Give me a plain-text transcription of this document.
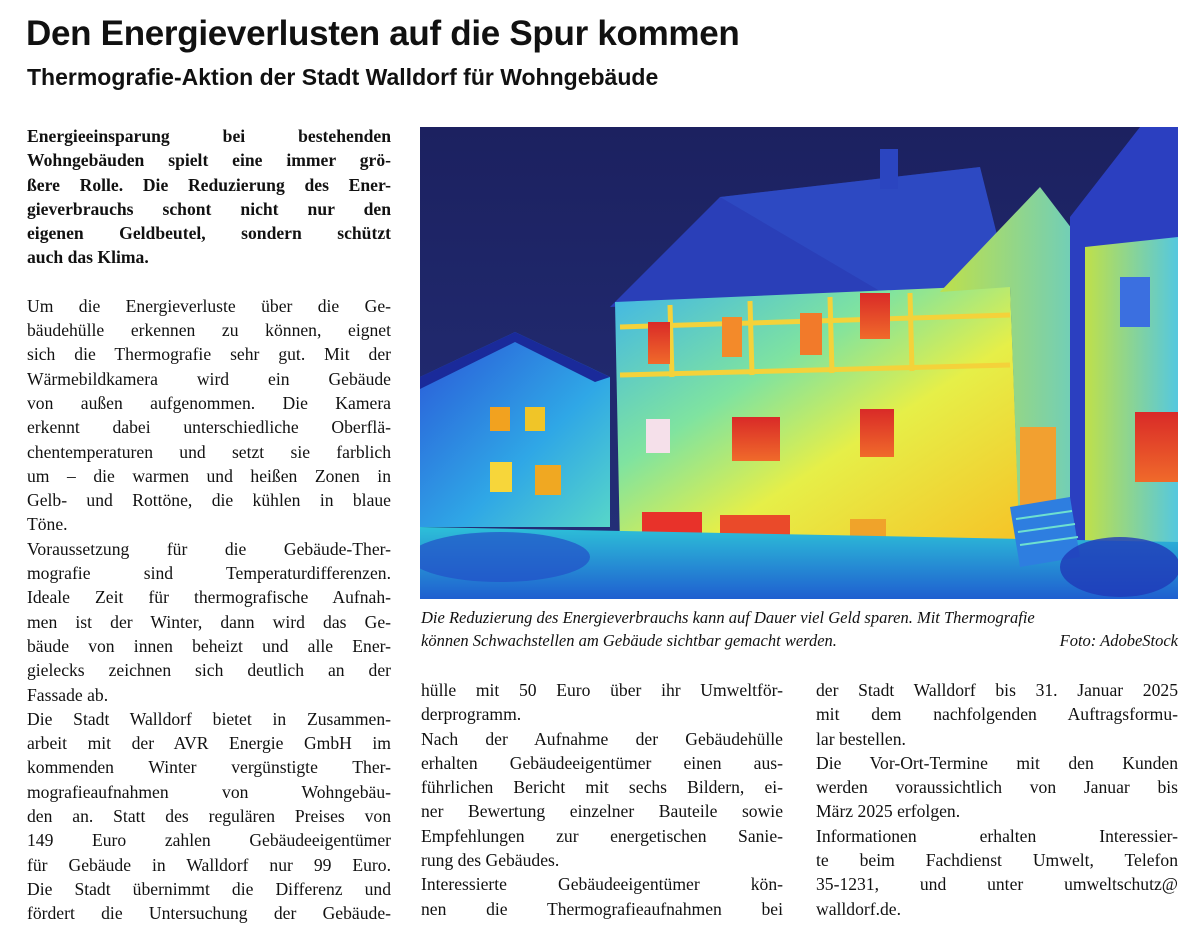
Den Energieverlusten auf die Spur kommen
Thermografie-Aktion der Stadt Walldorf für Wohngebäude

Energieeinsparung bei bestehenden
Wohngebäuden spielt eine immer grö-
ßere Rolle. Die Reduzierung des Ener-
gieverbrauchs schont nicht nur den
eigenen Geldbeutel, sondern schützt
auch das Klima.

Um die Energieverluste über die Ge-
bäudehülle erkennen zu können, eignet
sich die Thermografie sehr gut. Mit der
Wärmebildkamera wird ein Gebäude
von außen aufgenommen. Die Kamera
erkennt dabei unterschiedliche Oberflä-
chentemperaturen und setzt sie farblich
um – die warmen und heißen Zonen in
Gelb- und Rottöne, die kühlen in blaue
Töne.

Voraussetzung für die Gebäude-Ther-
mografie sind Temperaturdifferenzen.
Ideale Zeit für thermografische Aufnah-
men ist der Winter, dann wird das Ge-
bäude von innen beheizt und alle Ener-
gielecks zeichnen sich deutlich an der
Fassade ab.

Die Stadt Walldorf bietet in Zusammen-
arbeit mit der AVR Energie GmbH im
kommenden Winter vergünstigte Ther-
mografieaufnahmen von Wohngebäu-
den an. Statt des regulären Preises von
149 Euro zahlen Gebäudeeigentümer
für Gebäude in Walldorf nur 99 Euro.
Die Stadt übernimmt die Differenz und
fördert die Untersuchung der Gebäude-

Die Reduzierung des Energieverbrauchs kann auf Dauer viel Geld sparen. Mit Thermografie
können Schwachstellen am Gebäude sichtbar gemacht werden.	Foto: AdobeStock

hülle mit 50 Euro über ihr Umweltför-
derprogramm.

Nach der Aufnahme der Gebäudehülle
erhalten Gebäudeeigentümer einen aus-
führlichen Bericht mit sechs Bildern, ei-
ner Bewertung einzelner Bauteile sowie
Empfehlungen zur energetischen Sanie-
rung des Gebäudes.

Interessierte Gebäudeeigentümer kön-
nen die Thermografieaufnahmen bei

der Stadt Walldorf bis 31. Januar 2025
mit dem nachfolgenden Auftragsformu-
lar bestellen.

Die Vor-Ort-Termine mit den Kunden
werden voraussichtlich von Januar bis
März 2025 erfolgen.

Informationen erhalten Interessier-
te beim Fachdienst Umwelt, Telefon
35-1231, und unter umweltschutz@
walldorf.de.
